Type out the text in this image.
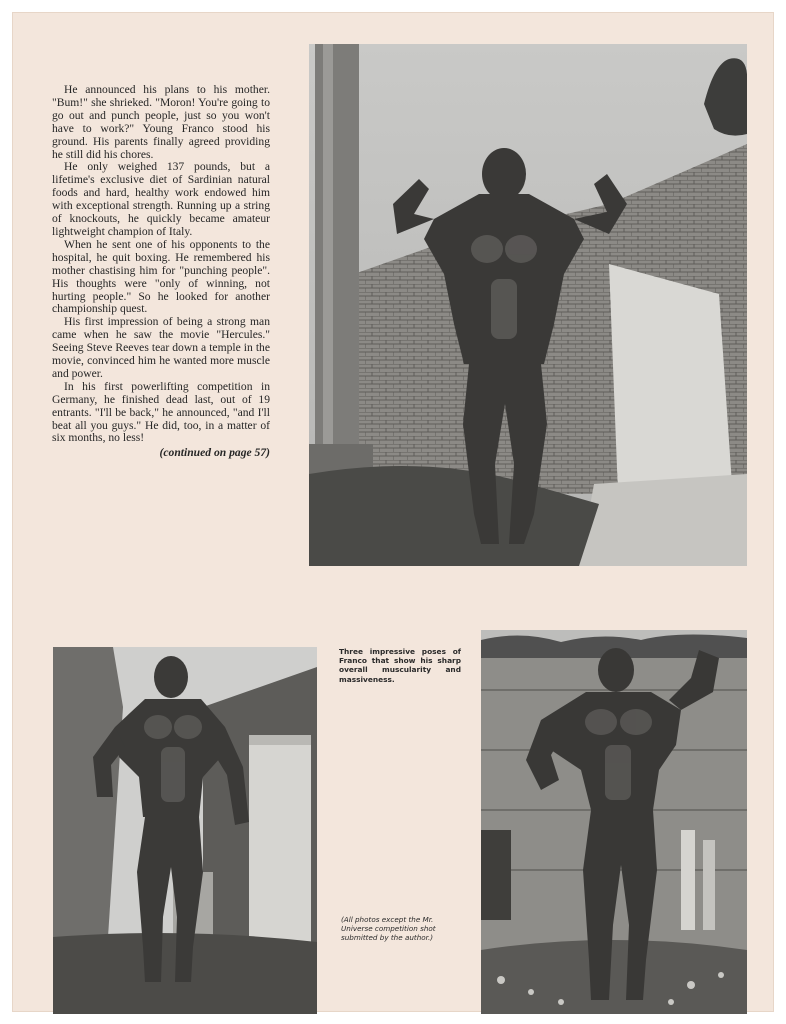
He announced his plans to his mother. "Bum!" she shrieked. "Moron! You're going to go out and punch people, just so you won't have to work?" Young Franco stood his ground. His parents finally agreed providing he still did his chores.

He only weighed 137 pounds, but a lifetime's exclusive diet of Sardinian natural foods and hard, healthy work endowed him with exceptional strength. Running up a string of knockouts, he quickly became amateur lightweight champion of Italy.

When he sent one of his opponents to the hospital, he quit boxing. He remembered his mother chastising him for "punching people". His thoughts were "only of winning, not hurting people." So he looked for another championship quest.

His first impression of being a strong man came when he saw the movie "Hercules." Seeing Steve Reeves tear down a temple in the movie, convinced him he wanted more muscle and power.

In his first powerlifting competition in Germany, he finished dead last, out of 19 entrants. "I'll be back," he announced, "and I'll beat all you guys." He did, too, in a matter of six months, no less!

(continued on page 57)

Three impressive poses of Franco that show his sharp overall muscularity and massiveness.

(All photos except the Mr. Universe competition shot submitted by the author.)
